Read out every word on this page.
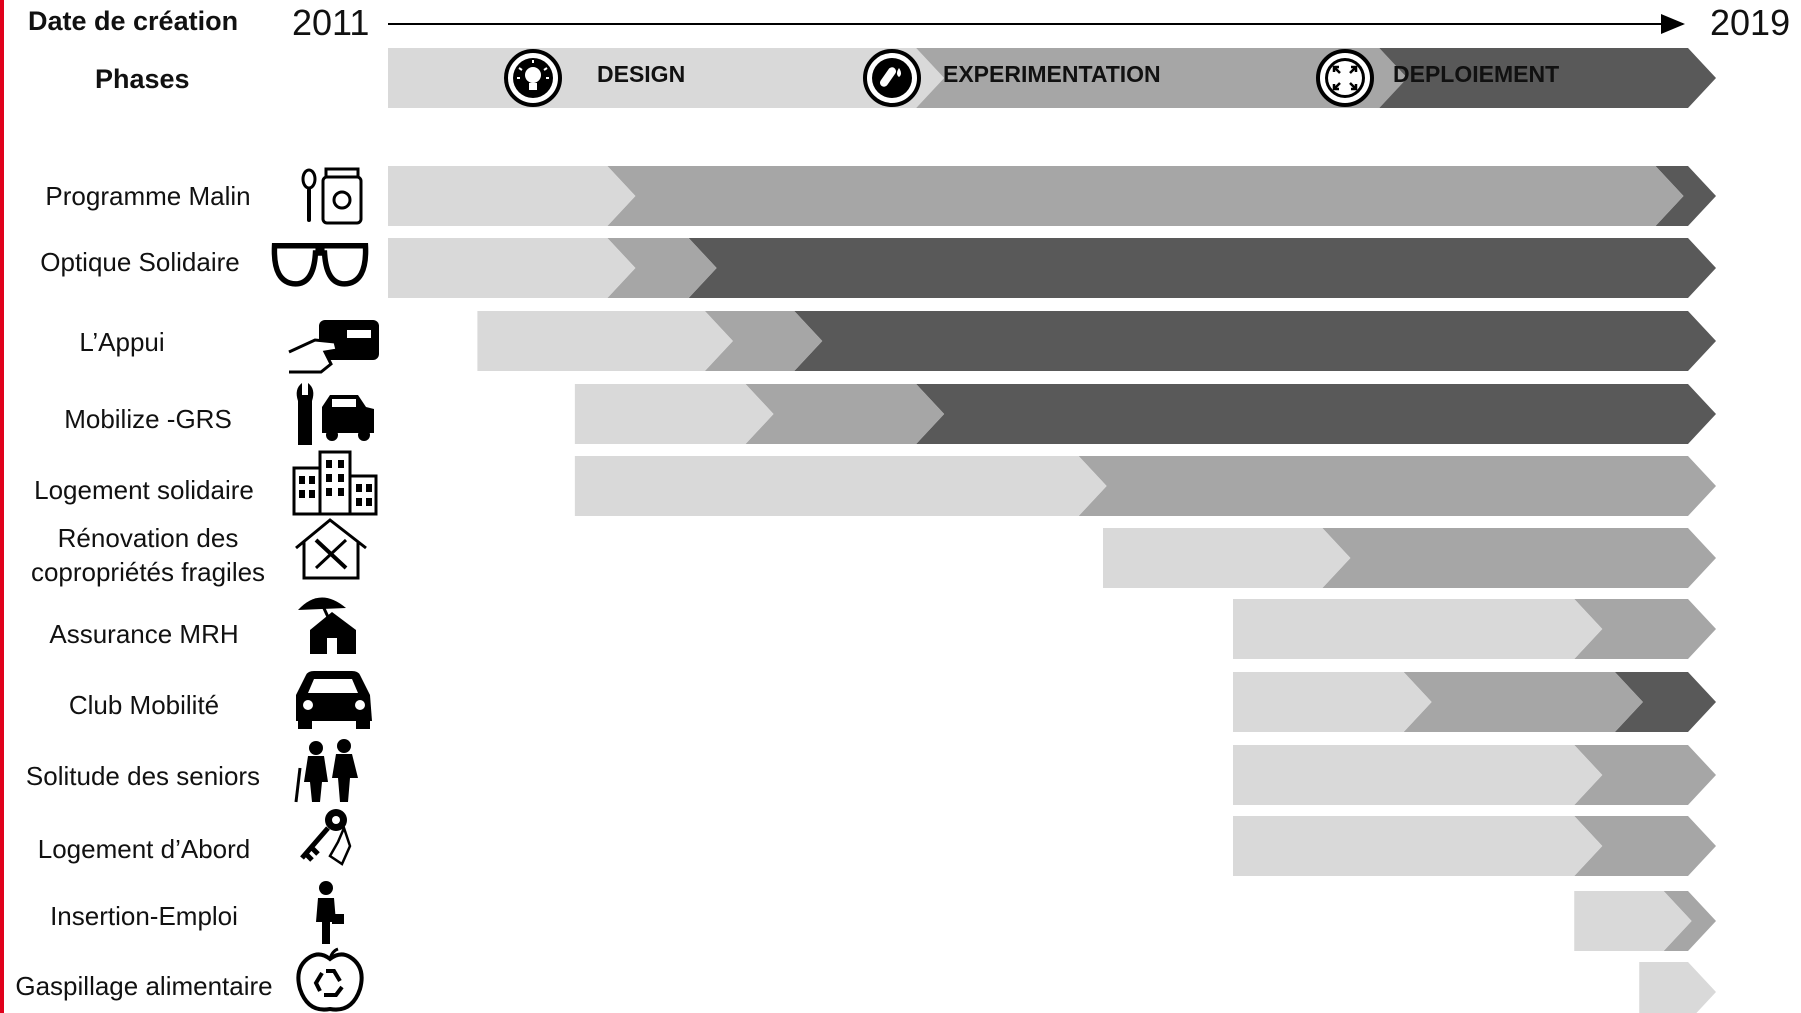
Date de création
Phases
2011	2019
DESIGN	EXPERIMENTATION	DEPLOIEMENT
Programme Malin
Optique Solidaire
L’Appui
Mobilize -GRS
Logement solidaire
Rénovation des
copropriétés fragiles
Assurance MRH
Club Mobilité
Solitude des seniors
Logement d’Abord
Insertion-Emploi
Gaspillage alimentaire
